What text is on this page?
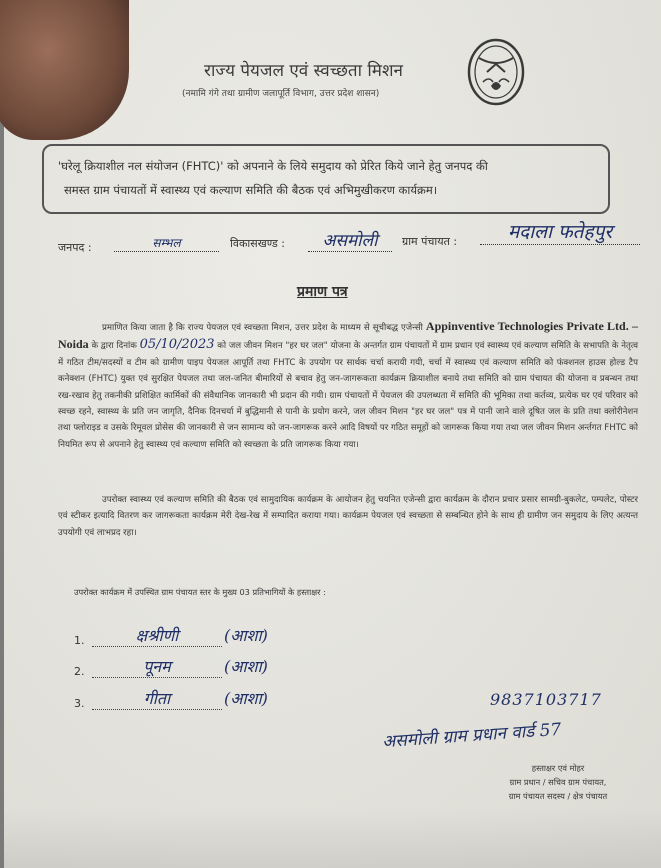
राज्य पेयजल एवं स्वच्छता मिशन
(नमामि गंगे तथा ग्रामीण जलापूर्ति विभाग, उत्तर प्रदेश शासन)
'घरेलू क्रियाशील नल संयोजन (FHTC)' को अपनाने के लिये समुदाय को प्रेरित किये जाने हेतु जनपद की
समस्त ग्राम पंचायतों में स्वास्थ्य एवं कल्याण समिति की बैठक एवं अभिमुखीकरण कार्यक्रम।
जनपद :	सम्भल	विकासखण्ड :	असमोली	ग्राम पंचायत :	मदाला फतेहपुर
प्रमाण पत्र
प्रमाणित किया जाता है कि राज्य पेयजल एवं स्वच्छता मिशन, उत्तर प्रदेश के माध्यम से सूचीबद्ध एजेन्सी Appinventive Technologies Private Ltd. – Noida के द्वारा दिनांक 05/10/2023 को जल जीवन मिशन "हर घर जल" योजना के अन्तर्गत ग्राम पंचायतों में ग्राम प्रधान एवं स्वास्थ्य एवं कल्याण समिति के सभापति के नेतृत्व में गठित टीम/सदस्यों व टीम को ग्रामीण पाइप पेयजल आपूर्ति तथा FHTC के उपयोग पर सार्थक चर्चा करायी गयी, चर्चा में स्वास्थ्य एवं कल्याण समिति को फंक्शनल हाउस होल्ड टैप कनेक्शन (FHTC) युक्त एवं सुरक्षित पेयजल तथा जल-जनित बीमारियों से बचाव हेतु जन-जागरूकता कार्यक्रम क्रियाशील बनाये तथा समिति को ग्राम पंचायत की योजना व प्रबन्धन तथा रख-रखाव हेतु तकनीकी प्रशिक्षित कार्मिकों की संवैधानिक जानकारी भी प्रदान की गयी। ग्राम पंचायतों में पेयजल की उपलब्धता में समिति की भूमिका तथा कर्तव्य, प्रत्येक घर एवं परिवार को स्वच्छ रहने, स्वास्थ्य के प्रति जन जागृति, दैनिक दिनचर्या में बुद्धिमानी से पानी के प्रयोग करने, जल जीवन मिशन "हर घर जल" पत्र में पानी जाने वाले दूषित जल के प्रति तथा क्लोरीनेशन तथा फ्लोराइड व उसके रिमूवल प्रोसेस की जानकारी से जन सामान्य को जन-जागरूक करने आदि विषयों पर गठित समूहों को जागरूक किया गया तथा जल जीवन मिशन अर्न्तगत FHTC को नियमित रूप से अपनाने हेतु स्वास्थ्य एवं कल्याण समिति को स्वच्छता के प्रति जागरूक किया गया।
उपरोक्त स्वास्थ्य एवं कल्याण समिति की बैठक एवं सामुदायिक कार्यक्रम के आयोजन हेतु चयनित एजेन्सी द्वारा कार्यक्रम के दौरान प्रचार प्रसार सामग्री-बुकलेट, पम्पलेट, पोस्टर एवं स्टीकर इत्यादि वितरण कर जागरूकता कार्यक्रम मेरी देख-रेख में सम्पादित कराया गया। कार्यक्रम पेयजल एवं स्वच्छता से सम्बन्धित होने के साथ ही ग्रामीण जन समुदाय के लिए अत्यन्त उपयोगी एवं लाभप्रद रहा।
उपरोक्त कार्यक्रम में उपस्थित ग्राम पंचायत स्तर के मुख्य 03 प्रतिभागियों के हस्ताक्षर :
1.	क्षश्रीणी	(आशा)
2.	पूनम	(आशा)
3.	गीता	(आशा)	9837103717
असमोली ग्राम प्रधान वार्ड 57
हस्ताक्षर एवं मोहर
ग्राम प्रधान / सचिव ग्राम पंचायत,
ग्राम पंचायत सदस्य / क्षेत्र पंचायत
